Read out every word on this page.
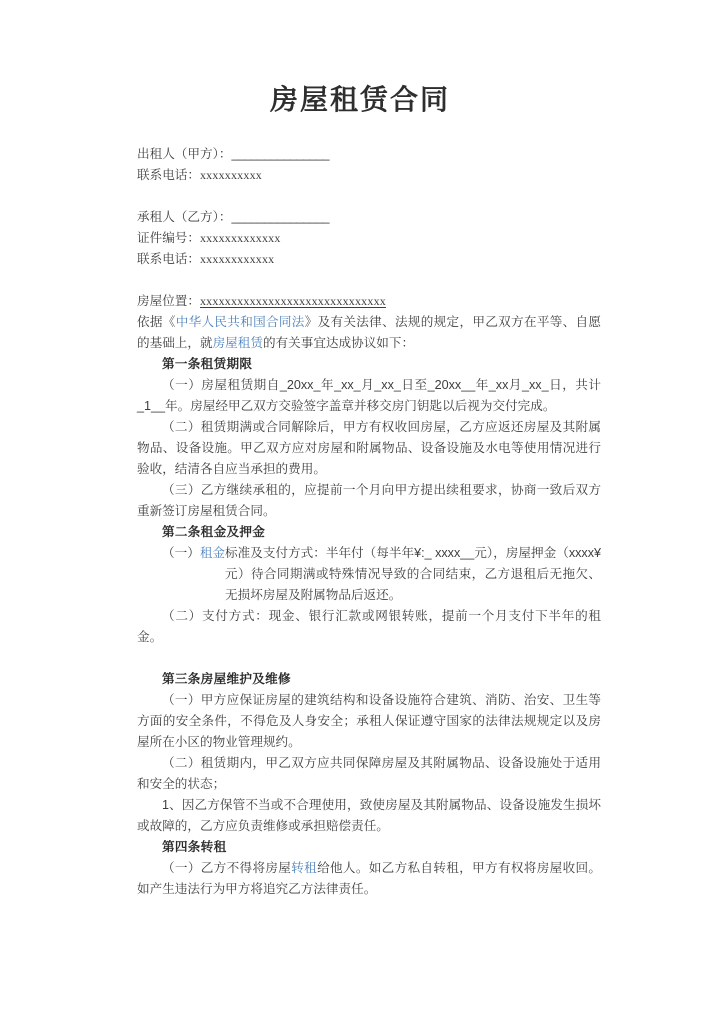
房屋租赁合同
出租人（甲方）：_______________
联系电话：xxxxxxxxxx
承租人（乙方）：_______________
证件编号：xxxxxxxxxxxxx
联系电话：xxxxxxxxxxxx
房屋位置：xxxxxxxxxxxxxxxxxxxxxxxxxxxxxx

依据《中华人民共和国合同法》及有关法律、法规的规定，甲乙双方在平等、自愿的基础上，就房屋租赁的有关事宜达成协议如下：

第一条租赁期限

（一）房屋租赁期自_20xx_年_xx_月_xx_日至_20xx__年_xx月_xx_日，共计_1__年。房屋经甲乙双方交验签字盖章并移交房门钥匙以后视为交付完成。

（二）租赁期满或合同解除后，甲方有权收回房屋，乙方应返还房屋及其附属物品、设备设施。甲乙双方应对房屋和附属物品、设备设施及水电等使用情况进行验收，结清各自应当承担的费用。

（三）乙方继续承租的，应提前一个月向甲方提出续租要求，协商一致后双方重新签订房屋租赁合同。

第二条租金及押金

（一）租金标准及支付方式：半年付（每半年¥:_ xxxx__元），房屋押金（xxxx¥ 元）待合同期满或特殊情况导致的合同结束，乙方退租后无拖欠、无损坏房屋及附属物品后返还。

（二）支付方式：现金、银行汇款或网银转账，提前一个月支付下半年的租金。

第三条房屋维护及维修

（一）甲方应保证房屋的建筑结构和设备设施符合建筑、消防、治安、卫生等方面的安全条件，不得危及人身安全；承租人保证遵守国家的法律法规规定以及房屋所在小区的物业管理规约。

（二）租赁期内，甲乙双方应共同保障房屋及其附属物品、设备设施处于适用和安全的状态；

1、因乙方保管不当或不合理使用，致使房屋及其附属物品、设备设施发生损坏或故障的，乙方应负责维修或承担赔偿责任。

第四条转租

（一）乙方不得将房屋转租给他人。如乙方私自转租，甲方有权将房屋收回。如产生违法行为甲方将追究乙方法律责任。
